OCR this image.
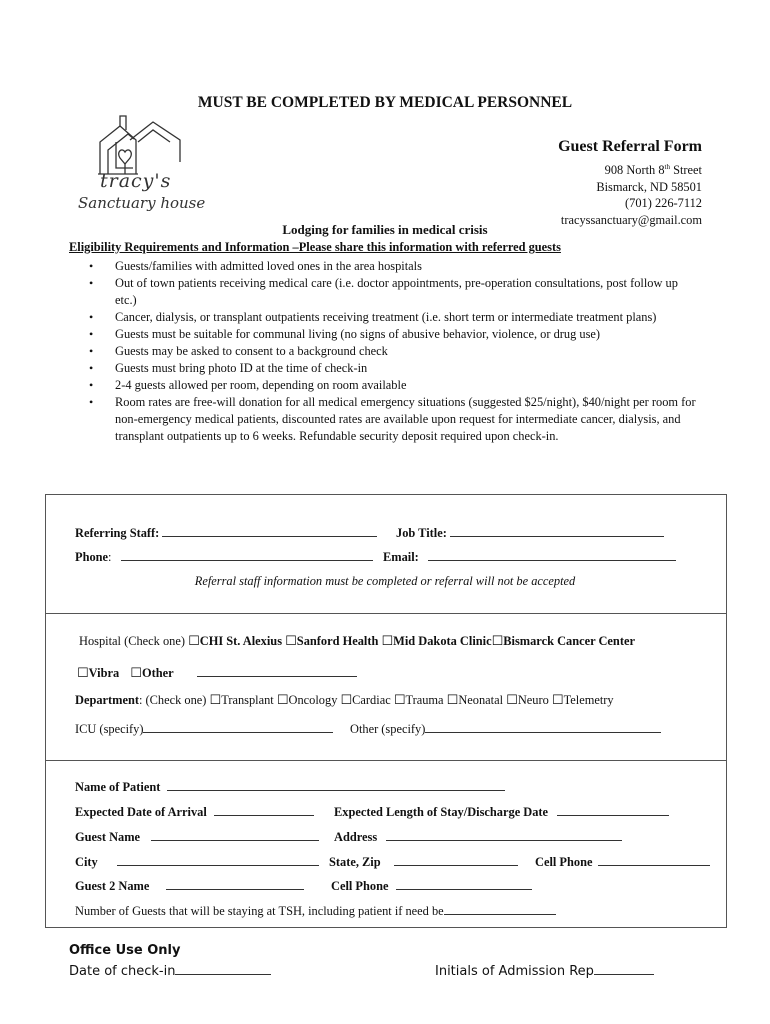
MUST BE COMPLETED BY MEDICAL PERSONNEL
tracy's
Sanctuary house
Guest Referral Form
908 North 8th Street
Bismarck, ND 58501
(701) 226-7112
tracyssanctuary@gmail.com
Lodging for families in medical crisis
Eligibility Requirements and Information –Please share this information with referred guests
• Guests/families with admitted loved ones in the area hospitals
• Out of town patients receiving medical care (i.e. doctor appointments, pre-operation consultations, post follow up etc.)
• Cancer, dialysis, or transplant outpatients receiving treatment (i.e. short term or intermediate treatment plans)
• Guests must be suitable for communal living (no signs of abusive behavior, violence, or drug use)
• Guests may be asked to consent to a background check
• Guests must bring photo ID at the time of check-in
• 2-4 guests allowed per room, depending on room available
• Room rates are free-will donation for all medical emergency situations (suggested $25/night), $40/night per room for non-emergency medical patients, discounted rates are available upon request for intermediate cancer, dialysis, and transplant outpatients up to 6 weeks. Refundable security deposit required upon check-in.
Referring Staff:	Job Title:
Phone:	Email:
Referral staff information must be completed or referral will not be accepted
Hospital (Check one) ☐CHI St. Alexius ☐Sanford Health ☐Mid Dakota Clinic☐Bismarck Cancer Center
☐Vibra ☐Other
Department: (Check one) ☐Transplant ☐Oncology ☐Cardiac ☐Trauma ☐Neonatal ☐Neuro ☐Telemetry
ICU (specify)	Other (specify)
Name of Patient
Expected Date of Arrival	Expected Length of Stay/Discharge Date
Guest Name	Address
City	State, Zip	Cell Phone
Guest 2 Name	Cell Phone
Number of Guests that will be staying at TSH, including patient if need be
Office Use Only
Date of check-in	Initials of Admission Rep
